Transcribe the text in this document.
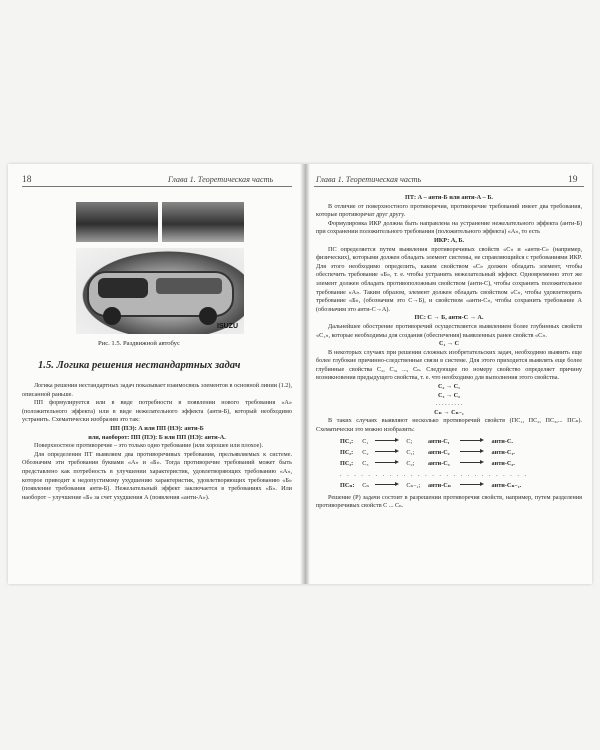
18	Глава 1. Теоретическая часть
ISUZU
Рис. 1.5. Раздвижной автобус
1.5. Логика решения нестандартных задач

Логика решения нестандартных задач показывает взаимосвязь элементов в основной линии (1.2), описанной раньше.

ПП формулируется или в виде потребности в появлении нового требования «А» (положительного эффекта) или в виде нежелательного эффекта (анти-Б), который необходимо устранить. Схематически изобразим это так:

ПП (ПЭ): А или ПП (НЭ): анти-Б

или, наоборот: ПП (ПЭ): Б или ПП (НЭ): анти-А.

Поверхностное противоречие – это только одно требование (или хорошее или плохое).

Для определения ПТ выявляем два противоречивых требования, прелъявляемых к системе. Обозначим эти требования буквами «А» и «Б». Тогда противоречие требований может быть представлено как потребность в улучшении характеристик, удовлетворяющих требованию «А», которое приводит к недопустимому ухудшению характеристик, удовлетворяющих требованию «Б» (появление требования анти-Б). Нежелательный эффект заключается в требованиях «Б». Или наоборот – улучшение «Б» за счет ухудшения А (появления «анти-А»).

Глава 1. Теоретическая часть	19

ПТ: А – анти-Б или анти-А – Б.

В отличие от поверхностного противоречия, противоречие требований имеет два требования, которые противоречат друг другу.

Формулировка ИКР должна быть направлена на устранение нежелательного эффекта (анти-Б) при сохранении положительного требования (положительного эффекта) «А», то есть

ИКР: А, Б.

ПС определяется путем выявления противоречивых свойств «С» и «анти-С» (например, физических), которыми должен обладать элемент системы, не справляющийся с требованиями ИКР. Для этого необходимо определить, каким свойством «С» должен обладать элемент, чтобы обеспечить требование «Б», т. е. чтобы устранить нежелательный эффект. Одновременно этот же элемент должен обладать противоположным свойством (анти-С), чтобы сохранить положительное требование «А». Таким образом, элемент должен обладать свойством «С», чтобы удовлетворить требование «Б», (обозначим это С→Б), и свойством «анти-С», чтобы сохранить требование А (обозначим это анти-С→А).

ПС: С → Б, анти-С → А.

Дальнейшее обострение противоречий осуществляется выявлением более глубинных свойств «С₁», которые необходимы для создания (обеспечения) выявленных ранее свойств «С».

С₁ → С

В некоторых случаях при решении сложных изобретательских задач, необходимо выявить еще более глубокие причинно-следственные связи в системе. Для этого приходится выявлять еще более глубинные свойства С₂, С₃, ..., Сₙ. Следующее по номеру свойство определяет причину возникновения предыдущего свойства, т. е. что необходимо для выполнения этого свойства.

С₂ → С₁

С₃ → С₂

. . . . . . . . .

Сₙ → Сₙ₋₁

В таких случаях выявляют несколько противоречий свойств (ПС₁, ПС₂, ПС₃,... ПСₙ). Схематически это можно изобразить:

ПС₁:	С₁		С;	анти-С₁		анти-С.
ПС₂:	С₂		С₁;	анти-С₂		анти-С₁.
ПС₃:	С₃		С₂;	анти-С₃		анти-С₂.
. . . . . . . . . . . . . . . . . . . . . . . . . . .						
ПСₙ:	Сₙ		Сₙ₋₁;	анти-Сₙ		анти-Сₙ₋₁.

Решение (Р) задачи состоит в разрешении противоречия свойств, например, путем разделения противоречивых свойств С ... Сₙ.
